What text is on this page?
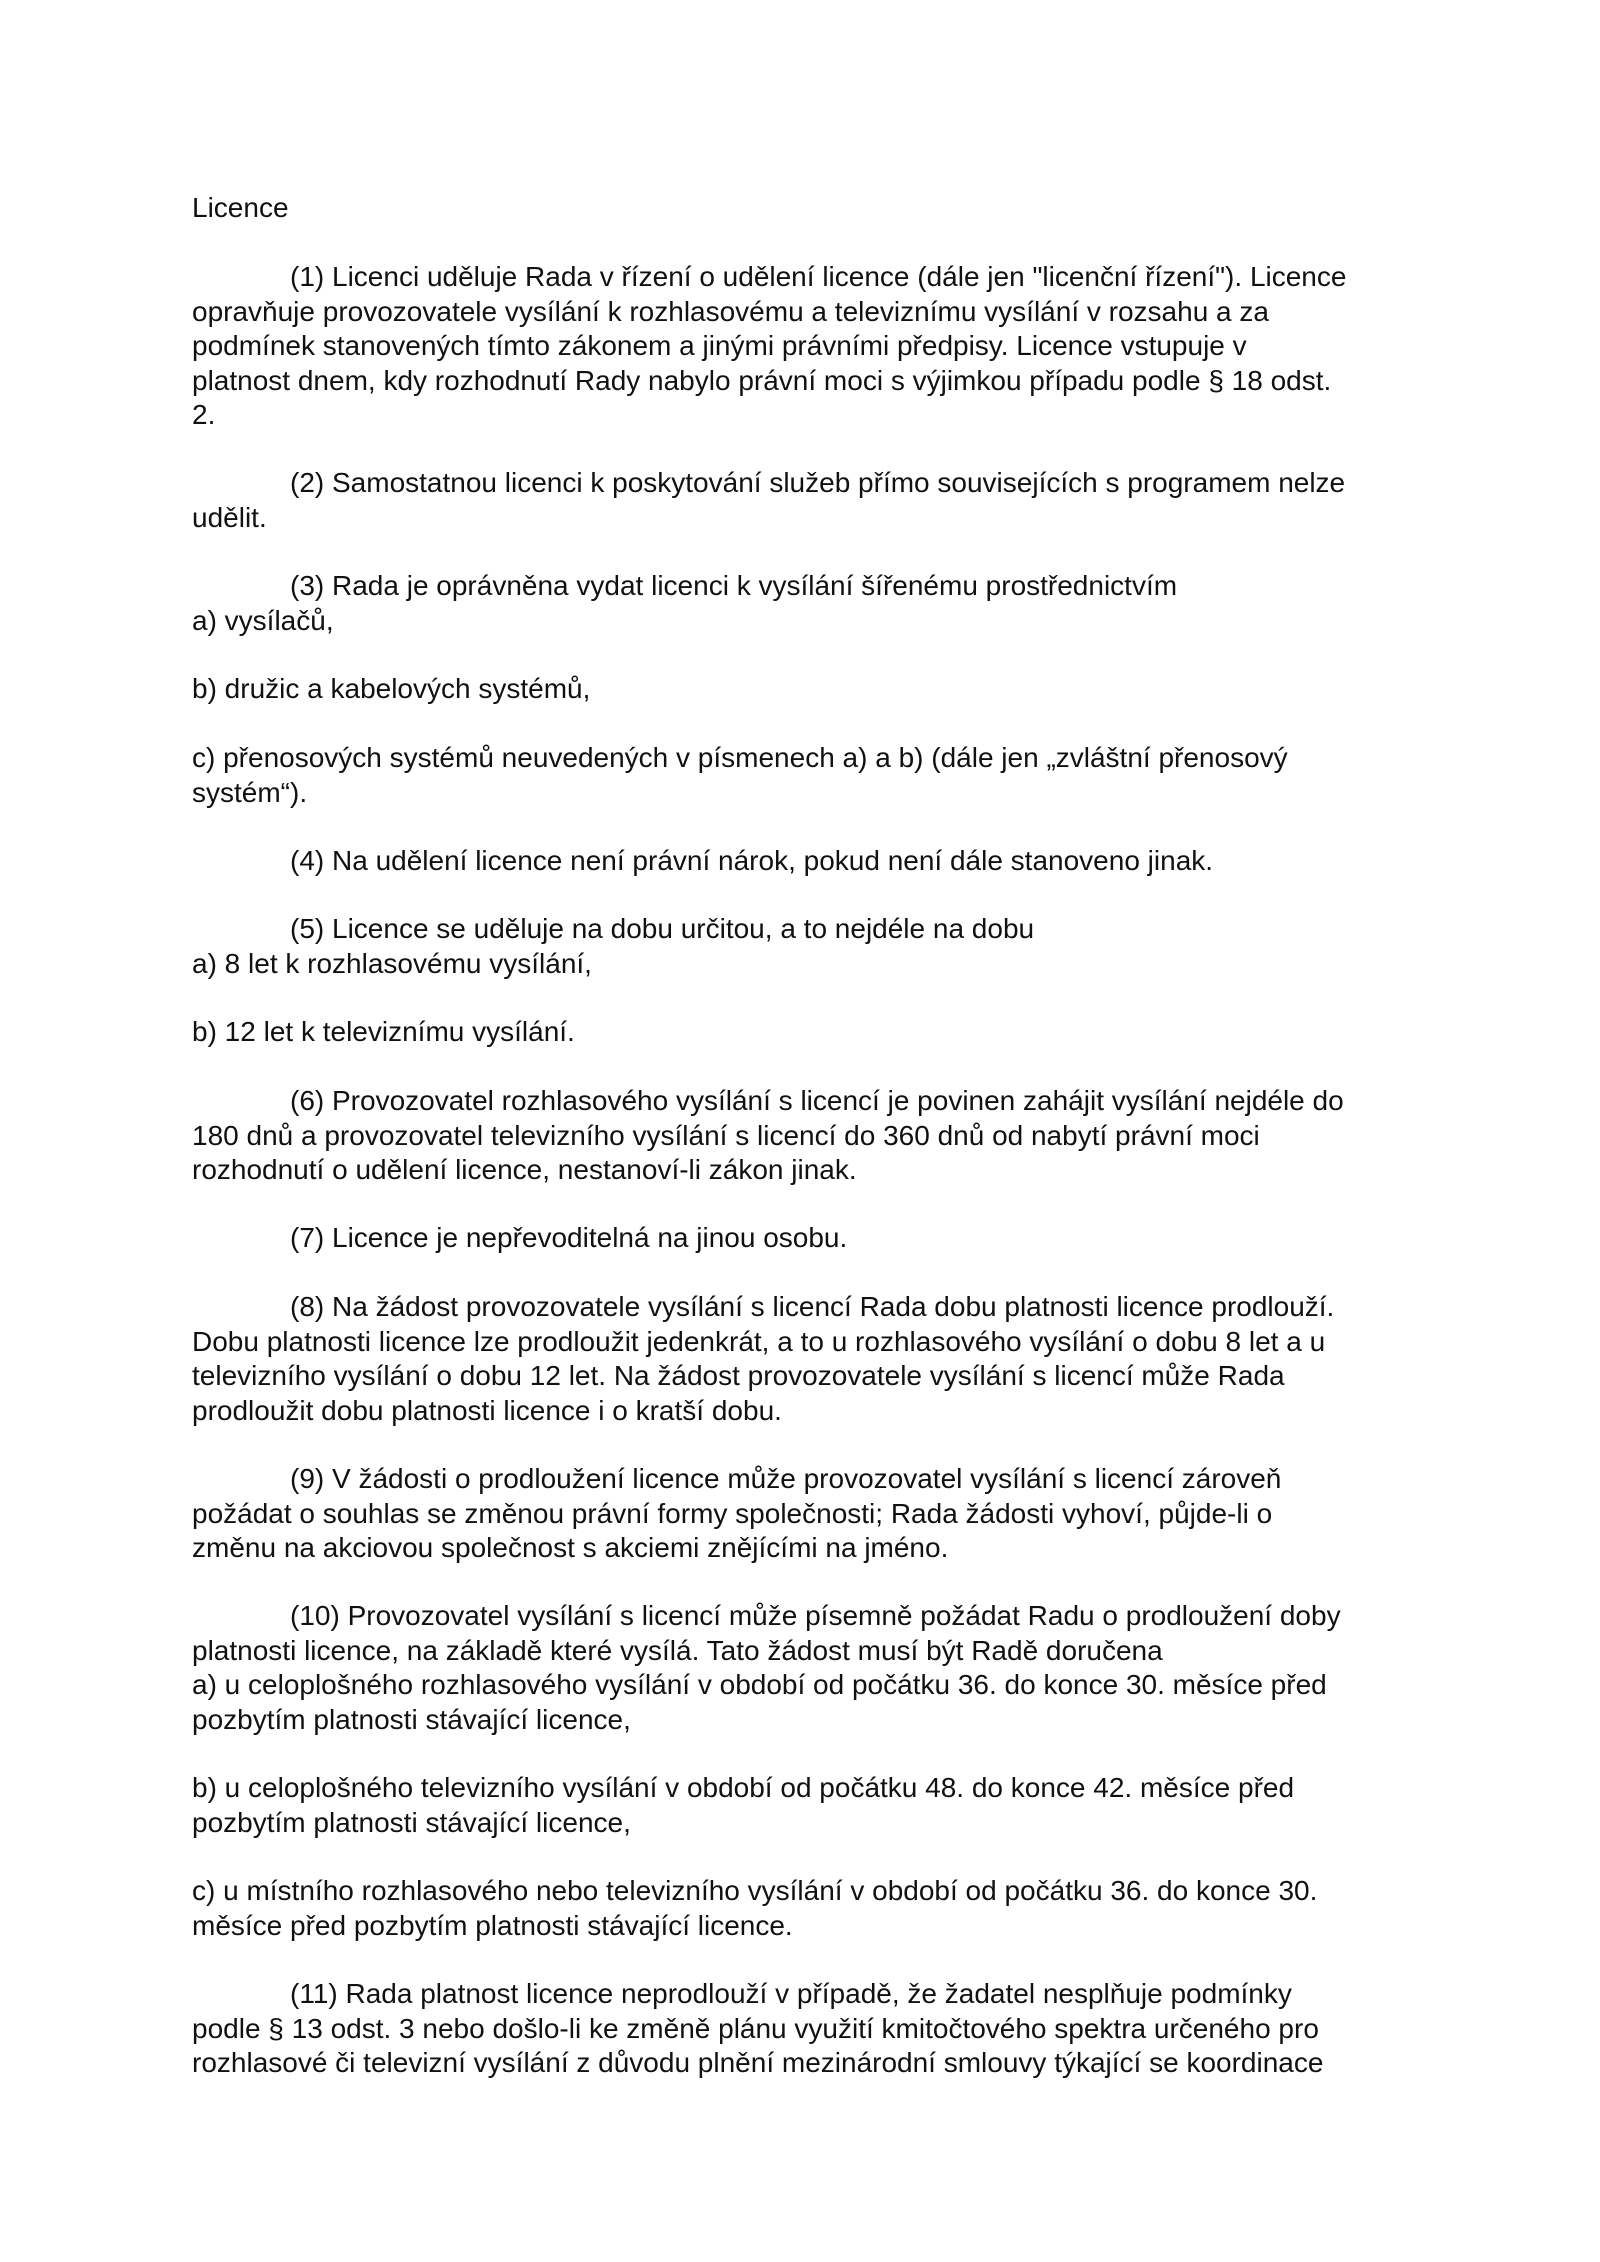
Licence
(1) Licenci uděluje Rada v řízení o udělení licence (dále jen "licenční řízení"). Licence
opravňuje provozovatele vysílání k rozhlasovému a televiznímu vysílání v rozsahu a za
podmínek stanovených tímto zákonem a jinými právními předpisy. Licence vstupuje v
platnost dnem, kdy rozhodnutí Rady nabylo právní moci s výjimkou případu podle § 18 odst.
2.
(2) Samostatnou licenci k poskytování služeb přímo souvisejících s programem nelze
udělit.
(3) Rada je oprávněna vydat licenci k vysílání šířenému prostřednictvím
a) vysílačů,
b) družic a kabelových systémů,
c) přenosových systémů neuvedených v písmenech a) a b) (dále jen „zvláštní přenosový
systém“).
(4) Na udělení licence není právní nárok, pokud není dále stanoveno jinak.
(5) Licence se uděluje na dobu určitou, a to nejdéle na dobu
a) 8 let k rozhlasovému vysílání,
b) 12 let k televiznímu vysílání.
(6) Provozovatel rozhlasového vysílání s licencí je povinen zahájit vysílání nejdéle do
180 dnů a provozovatel televizního vysílání s licencí do 360 dnů od nabytí právní moci
rozhodnutí o udělení licence, nestanoví-li zákon jinak.
(7) Licence je nepřevoditelná na jinou osobu.
(8) Na žádost provozovatele vysílání s licencí Rada dobu platnosti licence prodlouží.
Dobu platnosti licence lze prodloužit jedenkrát, a to u rozhlasového vysílání o dobu 8 let a u
televizního vysílání o dobu 12 let. Na žádost provozovatele vysílání s licencí může Rada
prodloužit dobu platnosti licence i o kratší dobu.
(9) V žádosti o prodloužení licence může provozovatel vysílání s licencí zároveň
požádat o souhlas se změnou právní formy společnosti; Rada žádosti vyhoví, půjde-li o
změnu na akciovou společnost s akciemi znějícími na jméno.
(10) Provozovatel vysílání s licencí může písemně požádat Radu o prodloužení doby
platnosti licence, na základě které vysílá. Tato žádost musí být Radě doručena
a) u celoplošného rozhlasového vysílání v období od počátku 36. do konce 30. měsíce před
pozbytím platnosti stávající licence,
b) u celoplošného televizního vysílání v období od počátku 48. do konce 42. měsíce před
pozbytím platnosti stávající licence,
c) u místního rozhlasového nebo televizního vysílání v období od počátku 36. do konce 30.
měsíce před pozbytím platnosti stávající licence.
(11) Rada platnost licence neprodlouží v případě, že žadatel nesplňuje podmínky
podle § 13 odst. 3 nebo došlo-li ke změně plánu využití kmitočtového spektra určeného pro
rozhlasové či televizní vysílání z důvodu plnění mezinárodní smlouvy týkající se koordinace
